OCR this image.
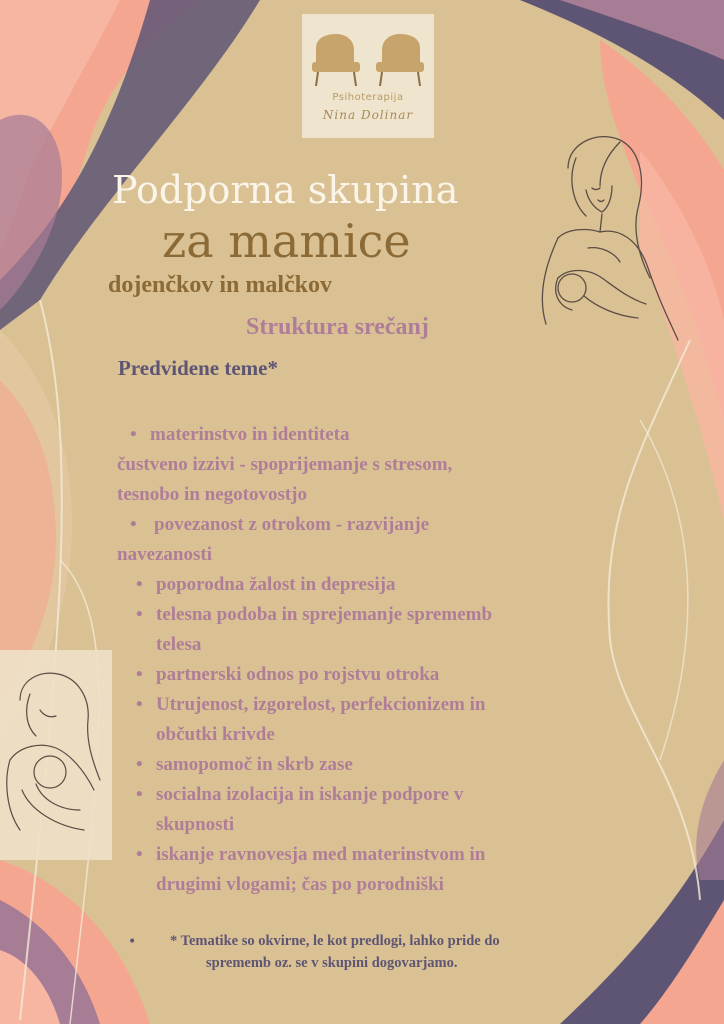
Psihoterapija
Nina Dolinar
Podporna skupina
za mamice
dojenčkov in malčkov
Struktura srečanj
Predvidene teme*
• materinstvo in identiteta
čustveno izzivi - spoprijemanje s stresom,
tesnobo in negotovostjo
• povezanost z otrokom - razvijanje
navezanosti
• poporodna žalost in depresija
• telesna podoba in sprejemanje sprememb
telesa
• partnerski odnos po rojstvu otroka
• Utrujenost, izgorelost, perfekcionizem in
občutki krivde
• samopomoč in skrb zase
• socialna izolacija in iskanje podpore v
skupnosti
• iskanje ravnovesja med materinstvom in
drugimi vlogami; čas po porodniški
• * Tematike so okvirne, le kot predlogi, lahko pride do
sprememb oz. se v skupini dogovarjamo.
